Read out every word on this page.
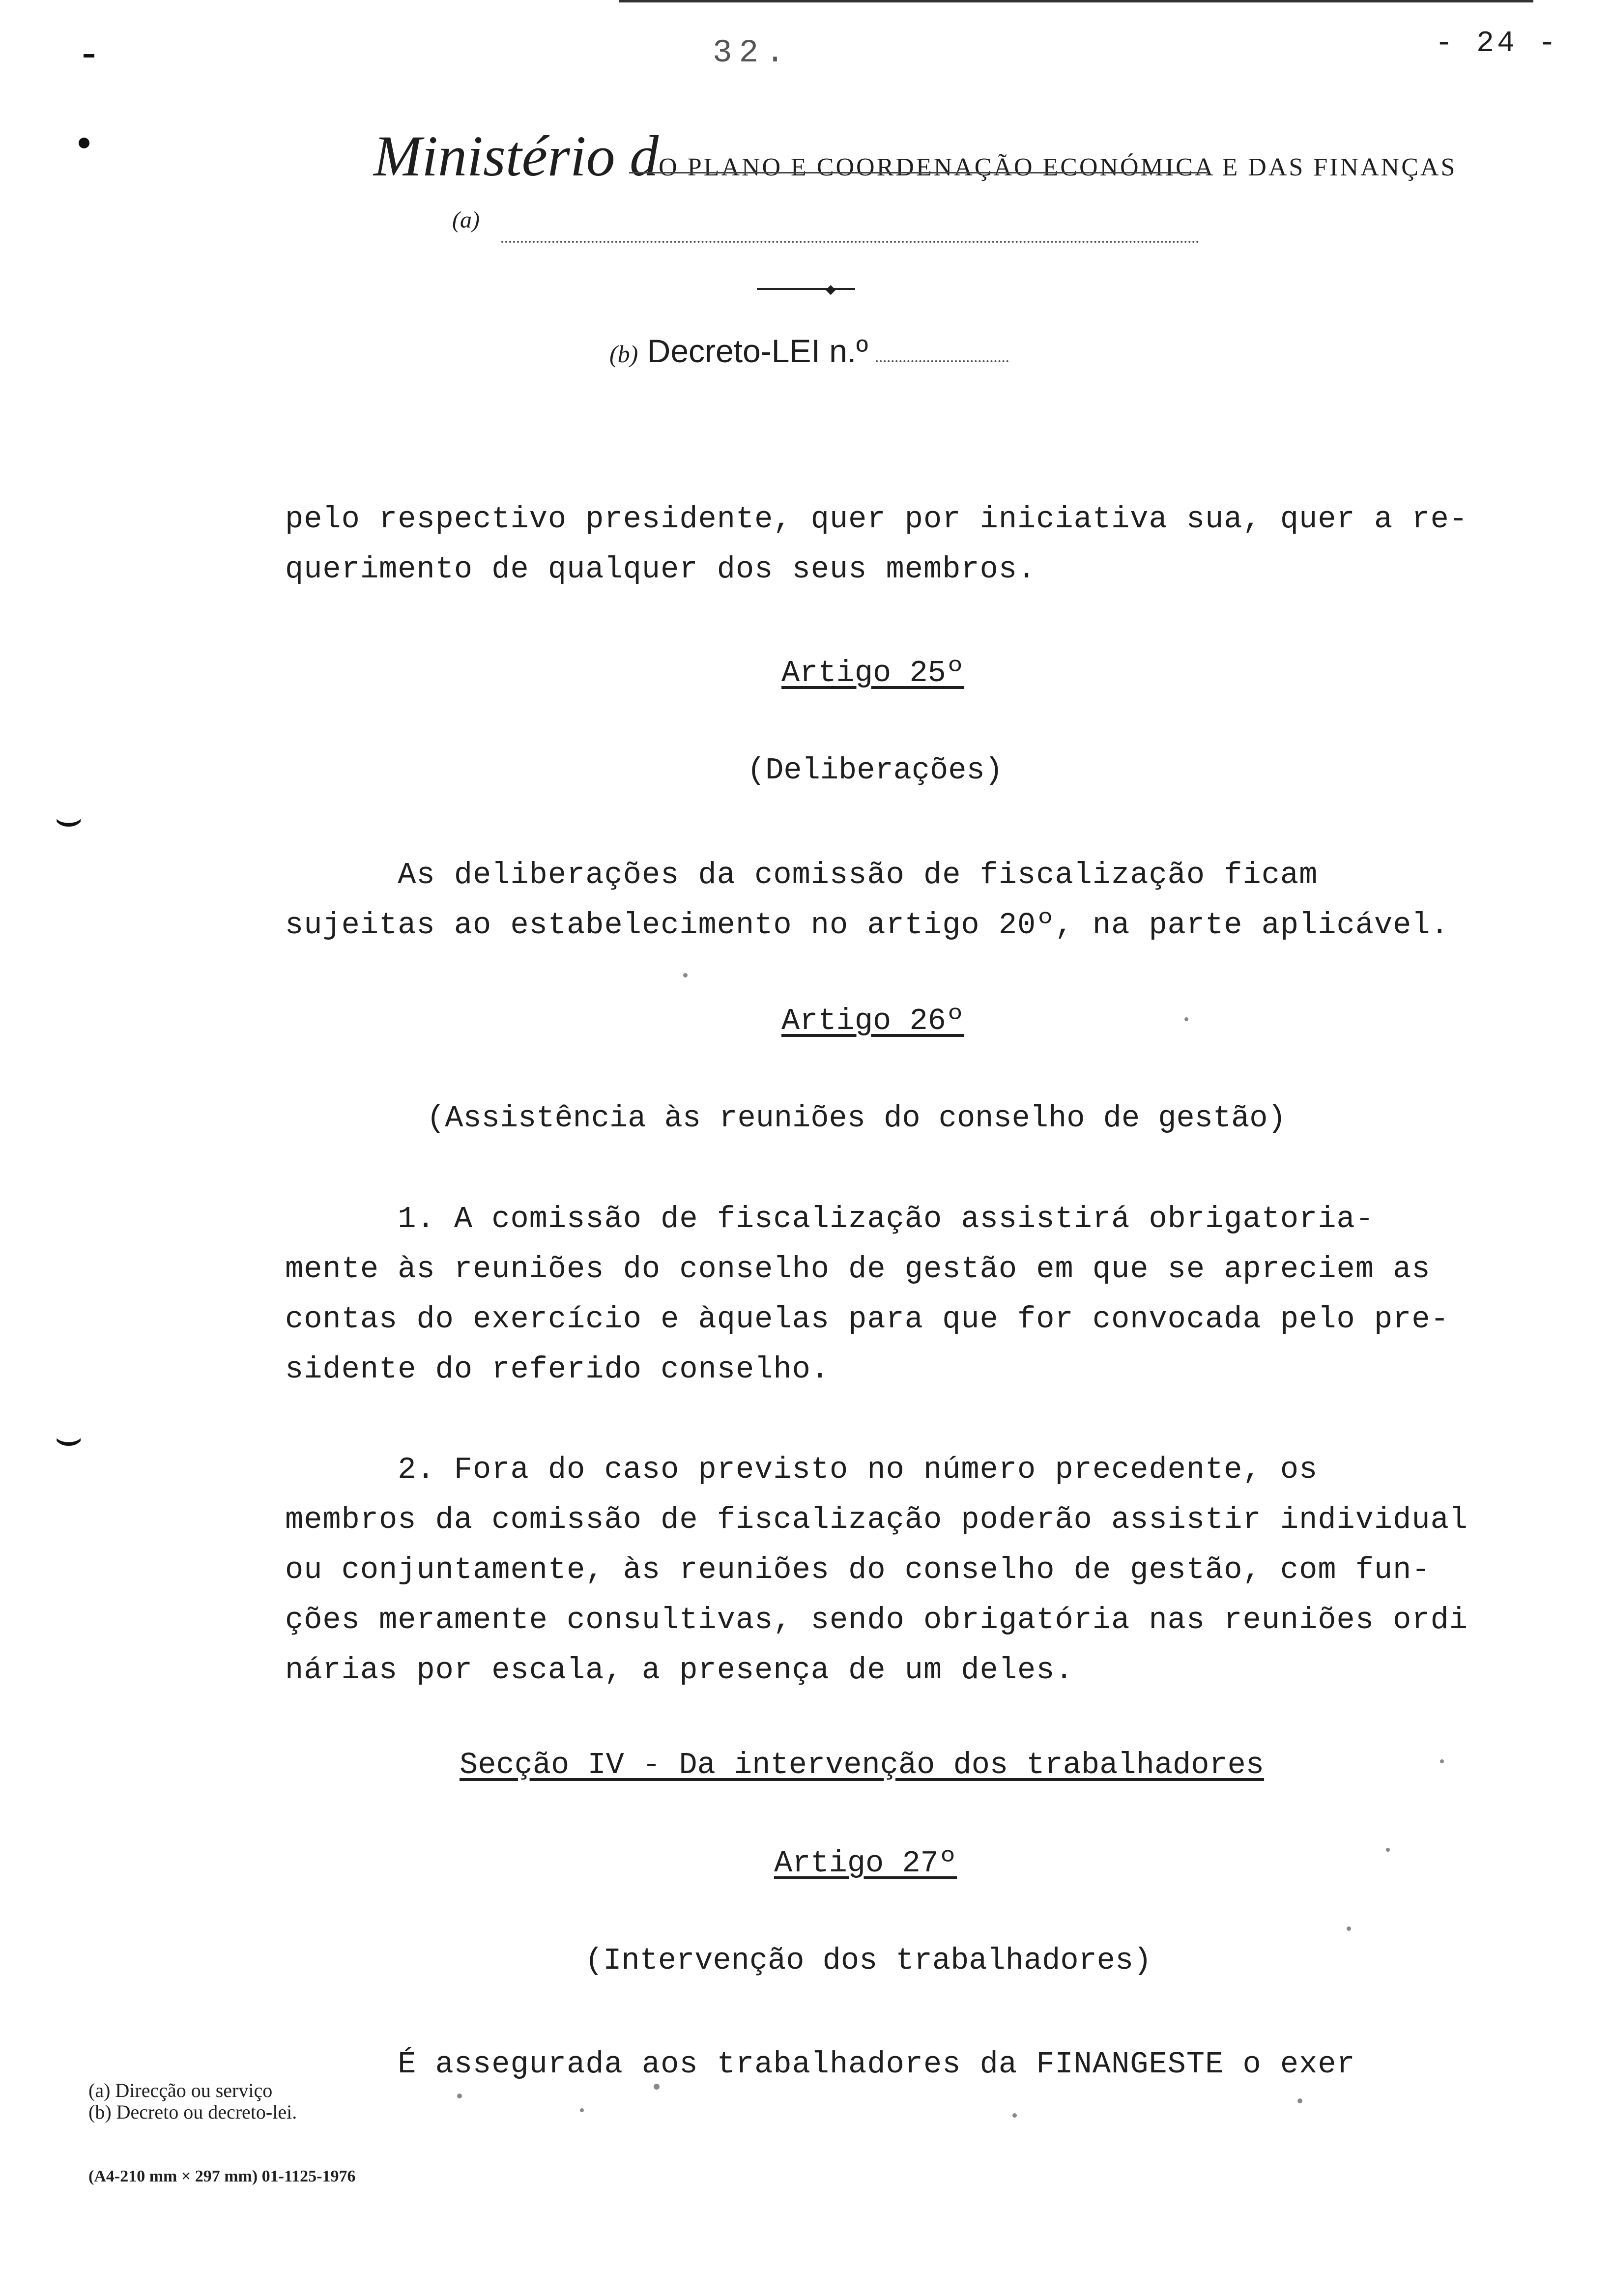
⌣
⌣
- 24 -
32.
Ministério dO PLANO E COORDENAÇÃO ECONÓMICA E DAS FINANÇAS
(a)
◆
(b) Decreto-LEI n.º
pelo respectivo presidente, quer por iniciativa sua, quer a re-
querimento de qualquer dos seus membros.
Artigo 25º
(Deliberações)
As deliberações da comissão de fiscalização ficam
sujeitas ao estabelecimento no artigo 20º, na parte aplicável.
Artigo 26º
(Assistência às reuniões do conselho de gestão)
1. A comissão de fiscalização assistirá obrigatoria-
mente às reuniões do conselho de gestão em que se apreciem as
contas do exercício e àquelas para que for convocada pelo pre-
sidente do referido conselho.
2. Fora do caso previsto no número precedente, os
membros da comissão de fiscalização poderão assistir individual
ou conjuntamente, às reuniões do conselho de gestão, com fun-
ções meramente consultivas, sendo obrigatória nas reuniões ordi
nárias por escala, a presença de um deles.
Secção IV - Da intervenção dos trabalhadores
Artigo 27º
(Intervenção dos trabalhadores)
É assegurada aos trabalhadores da FINANGESTE o exer
(a) Direcção ou serviço
(b) Decreto ou decreto-lei.
(A4-210 mm × 297 mm) 01-1125-1976
